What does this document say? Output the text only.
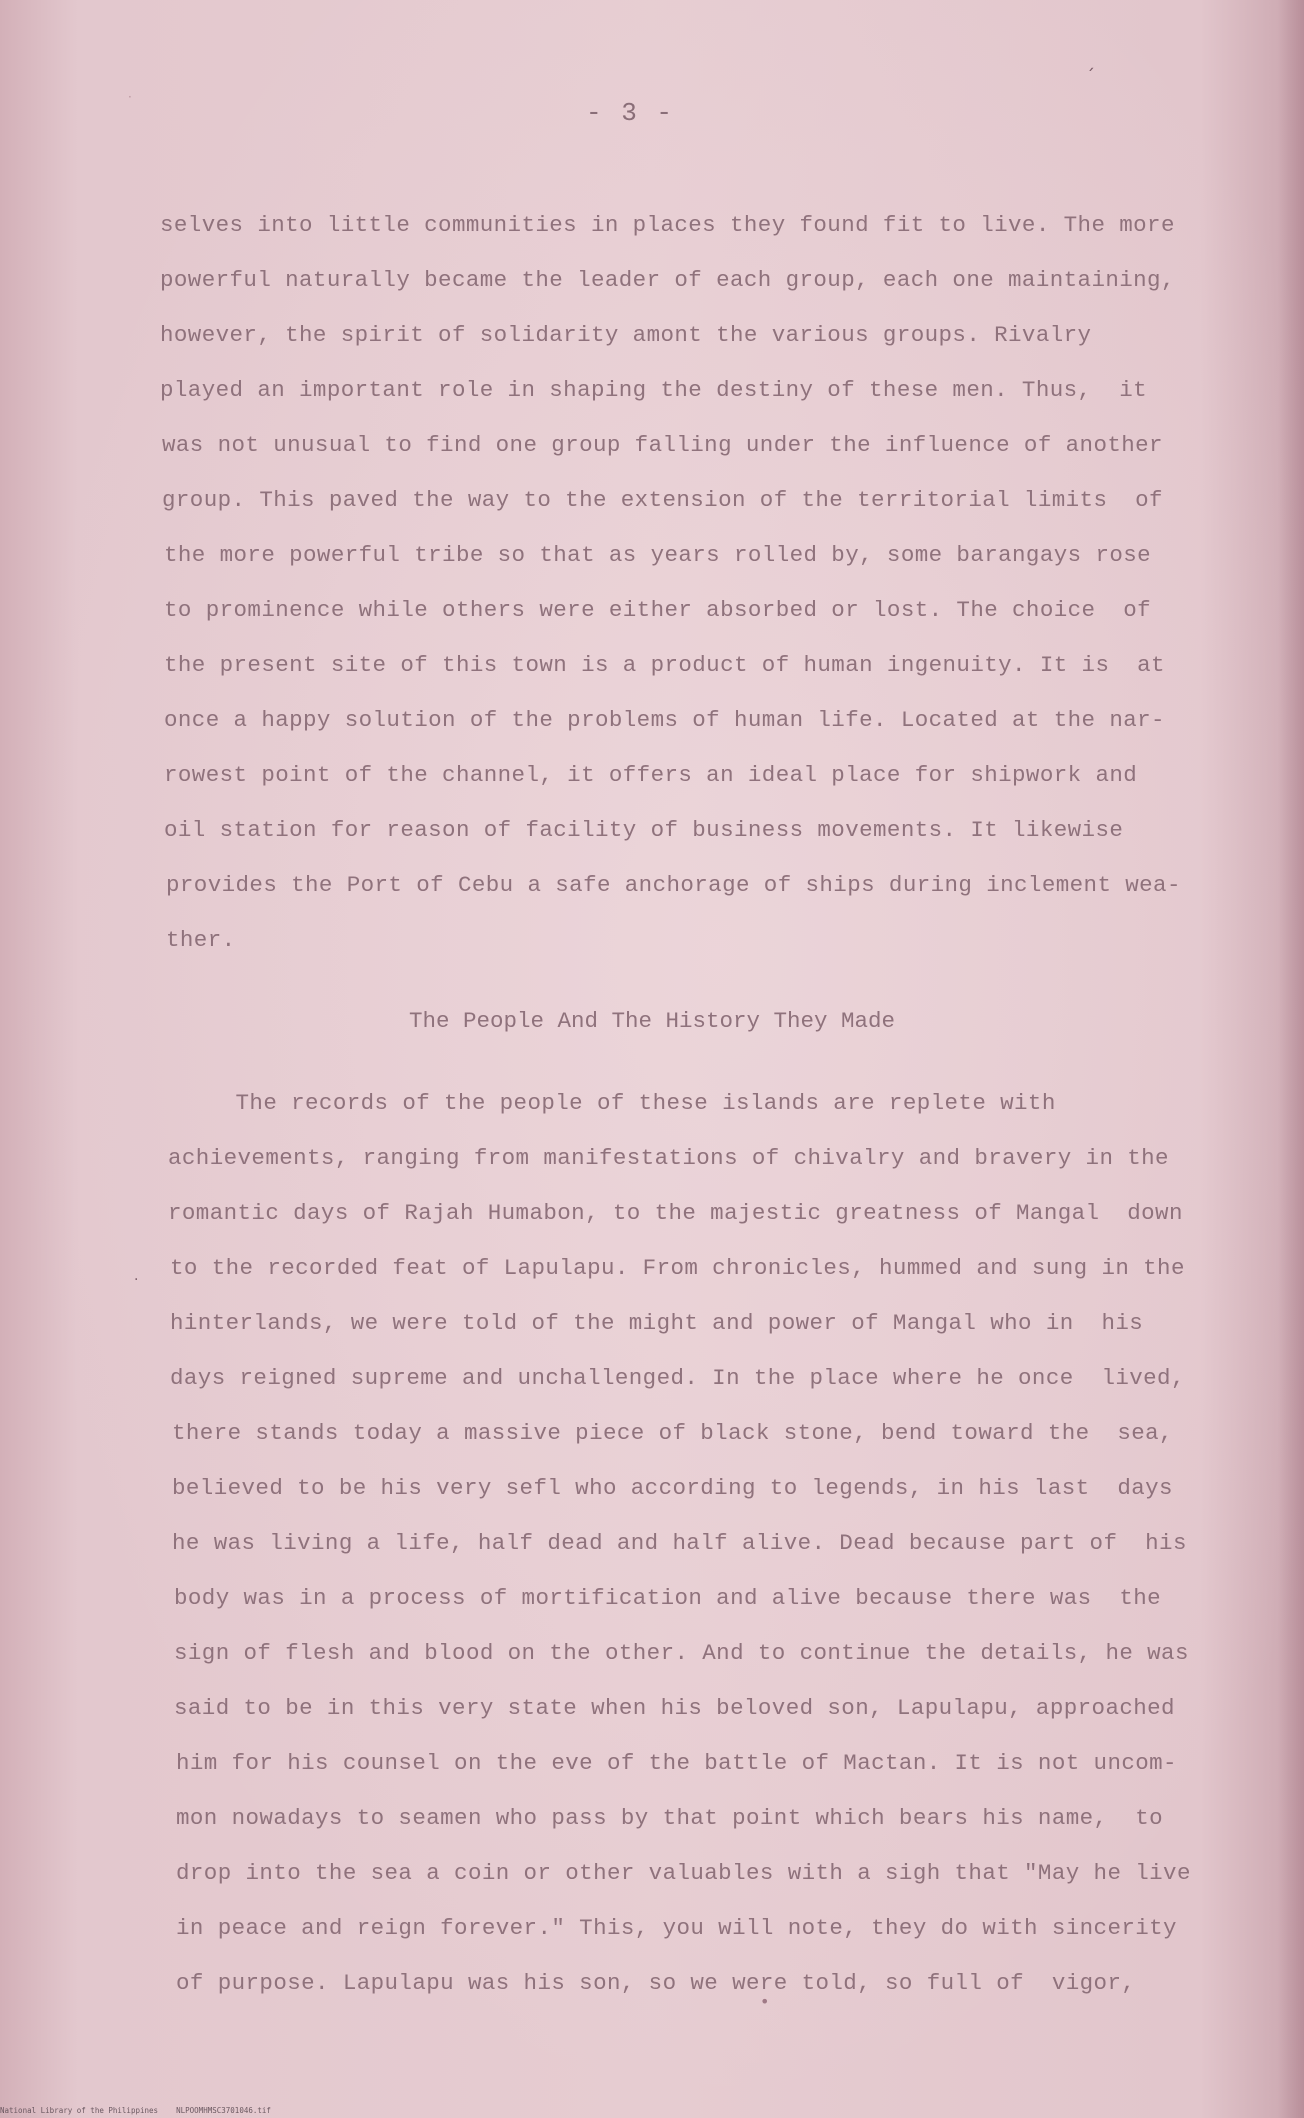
´
·
- 3 -
selves into little communities in places they found fit to live. The more
powerful naturally became the leader of each group, each one maintaining,
however, the spirit of solidarity amont the various groups. Rivalry
played an important role in shaping the destiny of these men. Thus,  it
was not unusual to find one group falling under the influence of another
group. This paved the way to the extension of the territorial limits  of
the more powerful tribe so that as years rolled by, some barangays rose
to prominence while others were either absorbed or lost. The choice  of
the present site of this town is a product of human ingenuity. It is  at
once a happy solution of the problems of human life. Located at the nar-
rowest point of the channel, it offers an ideal place for shipwork and
oil station for reason of facility of business movements. It likewise
provides the Port of Cebu a safe anchorage of ships during inclement wea-
ther.
The People And The History They Made
The records of the people of these islands are replete with
achievements, ranging from manifestations of chivalry and bravery in the
romantic days of Rajah Humabon, to the majestic greatness of Mangal  down
to the recorded feat of Lapulapu. From chronicles, hummed and sung in the
hinterlands, we were told of the might and power of Mangal who in  his
days reigned supreme and unchallenged. In the place where he once  lived,
there stands today a massive piece of black stone, bend toward the  sea,
believed to be his very sefl who according to legends, in his last  days
he was living a life, half dead and half alive. Dead because part of  his
body was in a process of mortification and alive because there was  the
sign of flesh and blood on the other. And to continue the details, he was
said to be in this very state when his beloved son, Lapulapu, approached
him for his counsel on the eve of the battle of Mactan. It is not uncom-
mon nowadays to seamen who pass by that point which bears his name,  to
drop into the sea a coin or other valuables with a sigh that "May he live
in peace and reign forever." This, you will note, they do with sincerity
of purpose. Lapulapu was his son, so we were told, so full of  vigor,
·
•
National Library of the Philippines    NLPOOMHMSC3701046.tif
